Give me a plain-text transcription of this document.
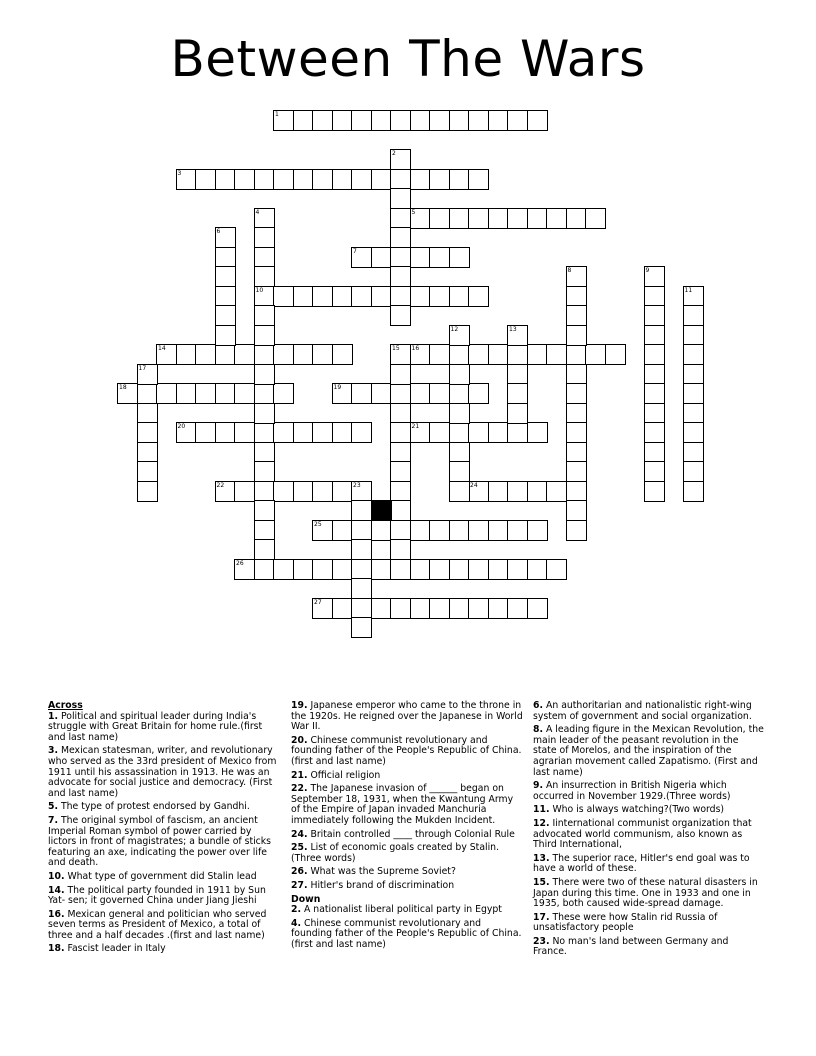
Between The Wars
1
3
5
7
10
14	16
18	19
20	21
22	24
25
26
27
2
4
6
8	9
11
12	13
15
17
23

Across

1. Political and spiritual leader during India's struggle with Great Britain for home rule.(first and last name)

3. Mexican statesman, writer, and revolutionary who served as the 33rd president of Mexico from 1911 until his assassination in 1913. He was an advocate for social justice and democracy. (First and last name)

5. The type of protest endorsed by Gandhi.

7. The original symbol of fascism, an ancient Imperial Roman symbol of power carried by lictors in front of magistrates; a bundle of sticks featuring an axe, indicating the power over life and death.

10. What type of government did Stalin lead

14. The political party founded in 1911 by Sun Yat- sen; it governed China under Jiang Jieshi

16. Mexican general and politician who served seven terms as President of Mexico, a total of three and a half decades .(first and last name)

18. Fascist leader in Italy

19. Japanese emperor who came to the throne in the 1920s. He reigned over the Japanese in World War II.

20. Chinese communist revolutionary and founding father of the People's Republic of China. (first and last name)

21. Official religion

22. The Japanese invasion of ______ began on September 18, 1931, when the Kwantung Army of the Empire of Japan invaded Manchuria immediately following the Mukden Incident.

24. Britain controlled ____ through Colonial Rule

25. List of economic goals created by Stalin.(Three words)

26. What was the Supreme Soviet?

27. Hitler's brand of discrimination

Down

2. A nationalist liberal political party in Egypt

4. Chinese communist revolutionary and founding father of the People's Republic of China. (first and last name)

6. An authoritarian and nationalistic right-wing system of government and social organization.

8. A leading figure in the Mexican Revolution, the main leader of the peasant revolution in the state of Morelos, and the inspiration of the agrarian movement called Zapatismo. (First and last name)

9. An insurrection in British Nigeria which occurred in November 1929.(Three words)

11. Who is always watching?(Two words)

12. Iinternational communist organization that advocated world communism, also known as Third International,

13. The superior race, Hitler's end goal was to have a world of these.

15. There were two of these natural disasters in Japan during this time. One in 1933 and one in 1935, both caused wide-spread damage.

17. These were how Stalin rid Russia of unsatisfactory people

23. No man's land between Germany and France.
